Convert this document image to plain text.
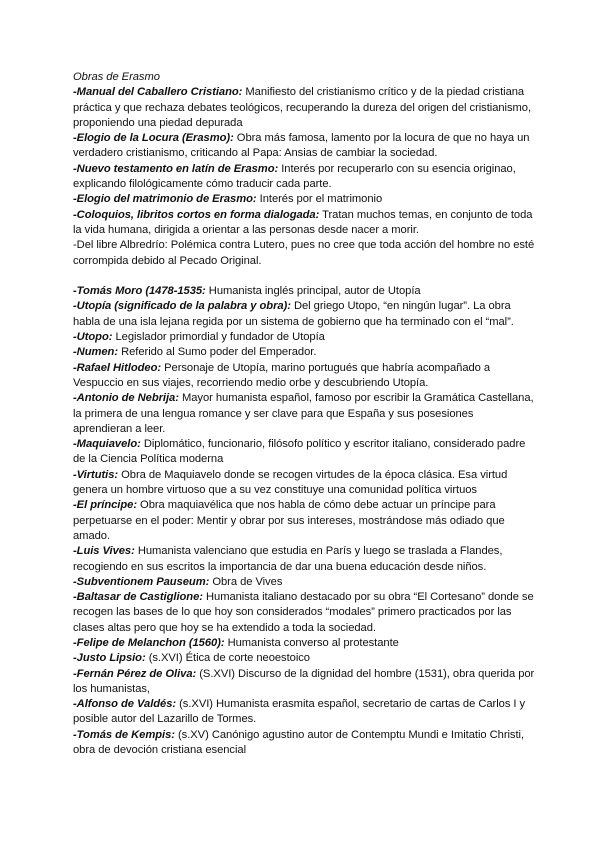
Obras de Erasmo

-Manual del Caballero Cristiano: Manifiesto del cristianismo crítico y de la piedad cristiana práctica y que rechaza debates teológicos, recuperando la dureza del origen del cristianismo, proponiendo una piedad depurada

-Elogio de la Locura (Erasmo): Obra más famosa, lamento por la locura de que no haya un verdadero cristianismo, criticando al Papa: Ansias de cambiar la sociedad.

-Nuevo testamento en latín de Erasmo: Interés por recuperarlo con su esencia originao, explicando filológicamente cómo traducir cada parte.

-Elogio del matrimonio de Erasmo: Interés por el matrimonio

-Coloquios, libritos cortos en forma dialogada: Tratan muchos temas, en conjunto de toda la vida humana, dirigida a orientar a las personas desde nacer a morir.

-Del libre Albredrío: Polémica contra Lutero, pues no cree que toda acción del hombre no esté corrompida debido al Pecado Original.

-Tomás Moro (1478-1535: Humanista inglés principal, autor de Utopía

-Utopía (significado de la palabra y obra): Del griego Utopo, “en ningún lugar”. La obra habla de una isla lejana regida por un sistema de gobierno que ha terminado con el “mal”.

-Utopo: Legislador primordial y fundador de Utopía

-Numen: Referido al Sumo poder del Emperador.

-Rafael Hitlodeo: Personaje de Utopía, marino portugués que habría acompañado a Vespuccio en sus viajes, recorriendo medio orbe y descubriendo Utopía.

-Antonio de Nebrija: Mayor humanista español, famoso por escribir la Gramática Castellana, la primera de una lengua romance y ser clave para que España y sus posesiones aprendieran a leer.

-Maquiavelo: Diplomático, funcionario, filósofo político y escritor italiano, considerado padre de la Ciencia Política moderna

-Virtutis: Obra de Maquiavelo donde se recogen virtudes de la época clásica. Esa virtud genera un hombre virtuoso que a su vez constituye una comunidad política virtuos

-El príncipe: Obra maquiavélica que nos habla de cómo debe actuar un príncipe para perpetuarse en el poder: Mentir y obrar por sus intereses, mostrándose más odiado que amado.

-Luis Vives: Humanista valenciano que estudia en París y luego se traslada a Flandes, recogiendo en sus escritos la importancia de dar una buena educación desde niños.

-Subventionem Pauseum: Obra de Vives

-Baltasar de Castiglione: Humanista italiano destacado por su obra “El Cortesano” donde se recogen las bases de lo que hoy son considerados “modales” primero practicados por las clases altas pero que hoy se ha extendido a toda la sociedad.

-Felipe de Melanchon (1560): Humanista converso al protestante

-Justo Lipsio: (s.XVI) Ética de corte neoestoico

-Fernán Pérez de Oliva: (S.XVI) Discurso de la dignidad del hombre (1531), obra querida por los humanistas,

-Alfonso de Valdés: (s.XVI) Humanista erasmita español, secretario de cartas de Carlos I y posible autor del Lazarillo de Tormes.

-Tomás de Kempis: (s.XV) Canónigo agustino autor de Contemptu Mundi e Imitatio Christi, obra de devoción cristiana esencial
